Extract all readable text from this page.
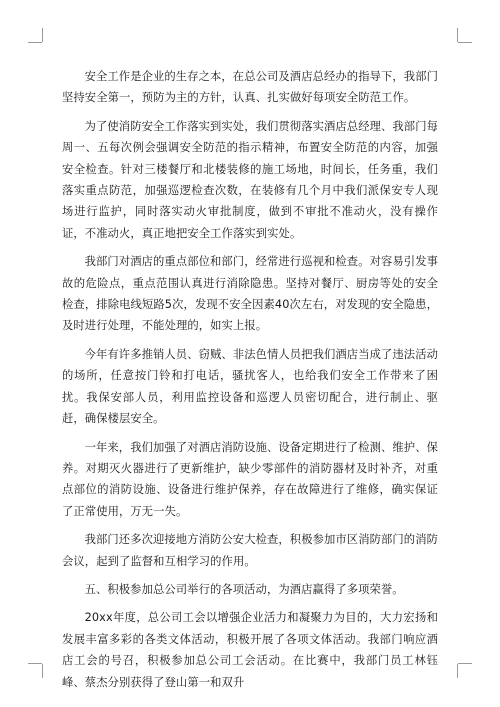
安全工作是企业的生存之本，在总公司及酒店总经办的指导下，我部门坚持安全第一，预防为主的方针，认真、扎实做好每项安全防范工作。

为了使消防安全工作落实到实处，我们贯彻落实酒店总经理、我部门每周一、五每次例会强调安全防范的指示精神，布置安全防范的内容，加强安全检查。针对三楼餐厅和北楼装修的施工场地，时间长，任务重，我们落实重点防范，加强巡逻检查次数，在装修有几个月中我们派保安专人现场进行监护，同时落实动火审批制度，做到不审批不准动火，没有操作证，不准动火，真正地把安全工作落实到实处。

我部门对酒店的重点部位和部门，经常进行巡视和检查。对容易引发事故的危险点，重点范围认真进行消除隐患。坚持对餐厅、厨房等处的安全检查，排除电线短路5次，发现不安全因素40次左右，对发现的安全隐患，及时进行处理，不能处理的，如实上报。

今年有许多推销人员、窃贼、非法色情人员把我们酒店当成了违法活动的场所，任意按门铃和打电话，骚扰客人，也给我们安全工作带来了困扰。我保安部人员，利用监控设备和巡逻人员密切配合，进行制止、驱赶，确保楼层安全。

一年来，我们加强了对酒店消防设施、设备定期进行了检测、维护、保养。对期灭火器进行了更新维护，缺少零部件的消防器材及时补齐，对重点部位的消防设施、设备进行维护保养，存在故障进行了维修，确实保证了正常使用，万无一失。

我部门还多次迎接地方消防公安大检查，积极参加市区消防部门的消防会议，起到了监督和互相学习的作用。

五、积极参加总公司举行的各项活动，为酒店赢得了多项荣誉。

20xx年度，总公司工会以增强企业活力和凝聚力为目的，大力宏扬和发展丰富多彩的各类文体活动，积极开展了各项文体活动。我部门响应酒店工会的号召，积极参加总公司工会活动。在比赛中，我部门员工林钰峰、蔡杰分别获得了登山第一和双升
